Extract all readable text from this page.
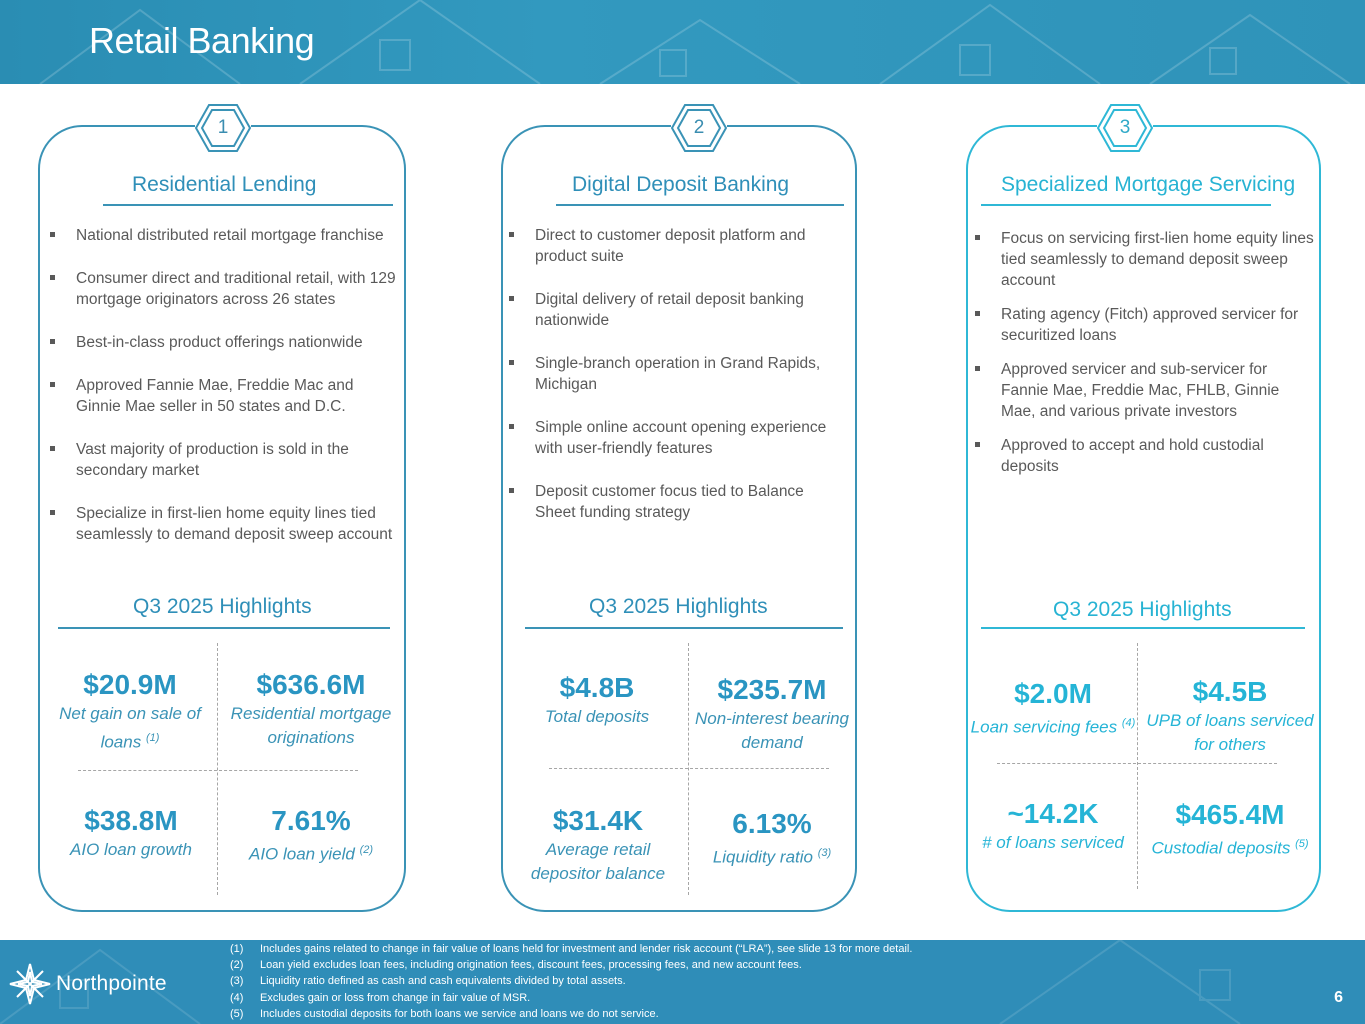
Retail Banking
1
Residential Lending
National distributed retail mortgage franchise
Consumer direct and traditional retail, with 129 mortgage originators across 26 states
Best-in-class product offerings nationwide
Approved Fannie Mae, Freddie Mac and Ginnie Mae seller in 50 states and D.C.
Vast majority of production is sold in the secondary market
Specialize in first-lien home equity lines tied seamlessly to demand deposit sweep account
Q3 2025 Highlights
$20.9M
Net gain on sale of loans $^{(1)}$
$636.6M
Residential mortgage originations
$38.8M
AIO loan growth
7.61%
AIO loan yield $^{(2)}$
2
Digital Deposit Banking
Direct to customer deposit platform and product suite
Digital delivery of retail deposit banking nationwide
Single-branch operation in Grand Rapids, Michigan
Simple online account opening experience with user-friendly features
Deposit customer focus tied to Balance Sheet funding strategy
Q3 2025 Highlights
$4.8B
Total deposits
$235.7M
Non-interest bearing demand
$31.4K
Average retail depositor balance
6.13%
Liquidity ratio $^{(3)}$
3
Specialized Mortgage Servicing
Focus on servicing first-lien home equity lines tied seamlessly to demand deposit sweep account
Rating agency (Fitch) approved servicer for securitized loans
Approved servicer and sub-servicer for Fannie Mae, Freddie Mac, FHLB, Ginnie Mae, and various private investors
Approved to accept and hold custodial deposits
Q3 2025 Highlights
$2.0M
Loan servicing fees $^{(4)}$
$4.5B
UPB of loans serviced for others
~14.2K
# of loans serviced
$465.4M
Custodial deposits $^{(5)}$
Northpointe
(1) Includes gains related to change in fair value of loans held for investment and lender risk account (“LRA”), see slide 13 for more detail.
(2) Loan yield excludes loan fees, including origination fees, discount fees, processing fees, and new account fees.
(3) Liquidity ratio defined as cash and cash equivalents divided by total assets.
(4) Excludes gain or loss from change in fair value of MSR.
(5) Includes custodial deposits for both loans we service and loans we do not service.
6
